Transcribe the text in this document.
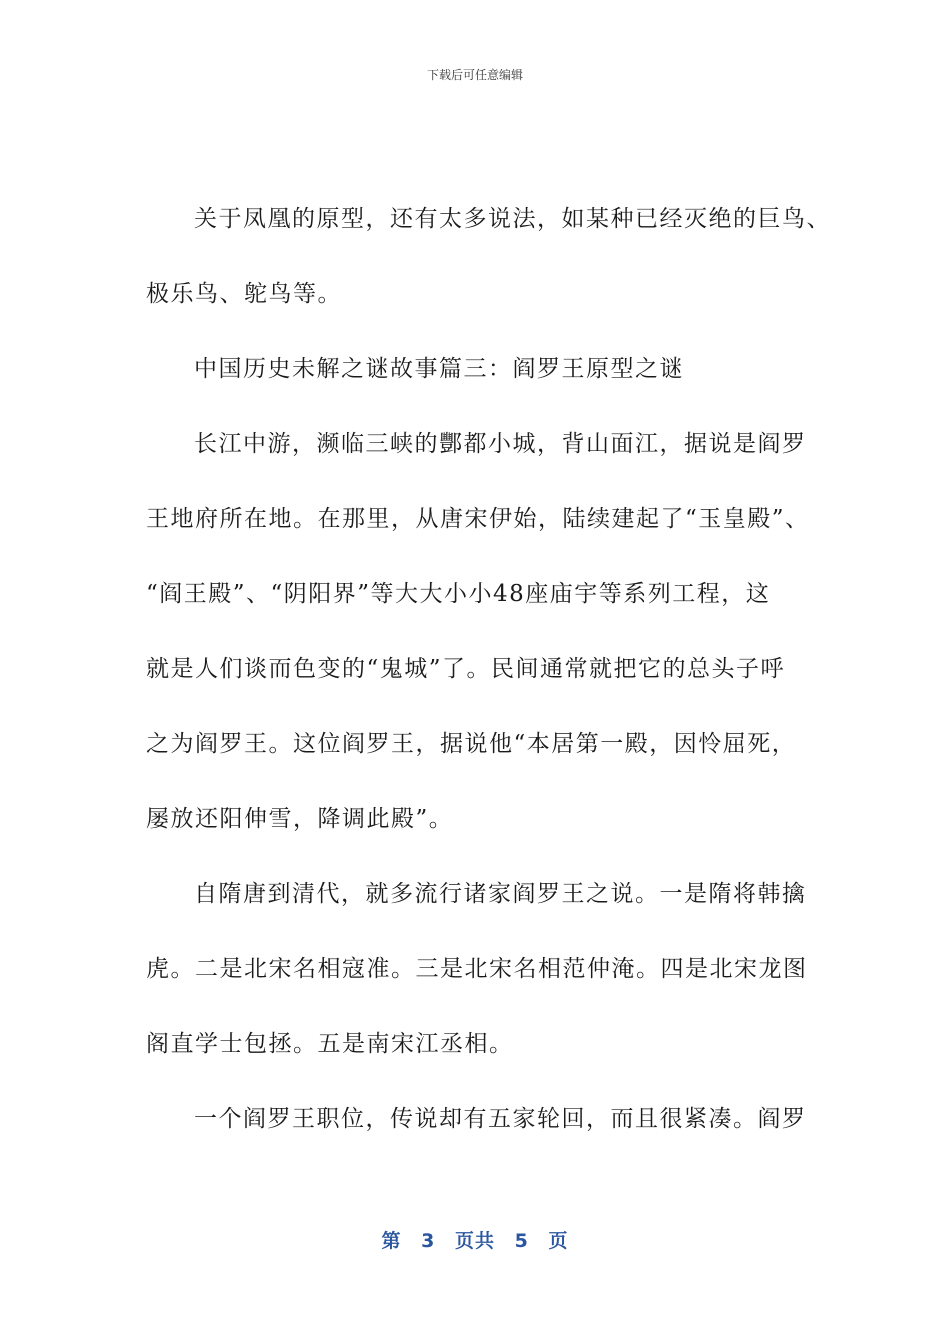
下载后可任意编辑
关于凤凰的原型，还有太多说法，如某种已经灭绝的巨鸟、
极乐鸟、鸵鸟等。
中国历史未解之谜故事篇三：阎罗王原型之谜
长江中游，濒临三峡的酆都小城，背山面江，据说是阎罗
王地府所在地。在那里，从唐宋伊始，陆续建起了“玉皇殿”、
“阎王殿”、“阴阳界”等大大小小48座庙宇等系列工程，这
就是人们谈而色变的“鬼城”了。民间通常就把它的总头子呼
之为阎罗王。这位阎罗王，据说他“本居第一殿，因怜屈死，
屡放还阳伸雪，降调此殿”。
自隋唐到清代，就多流行诸家阎罗王之说。一是隋将韩擒
虎。二是北宋名相寇准。三是北宋名相范仲淹。四是北宋龙图
阁直学士包拯。五是南宋江丞相。
一个阎罗王职位，传说却有五家轮回，而且很紧凑。阎罗
第 3 页共 5 页
